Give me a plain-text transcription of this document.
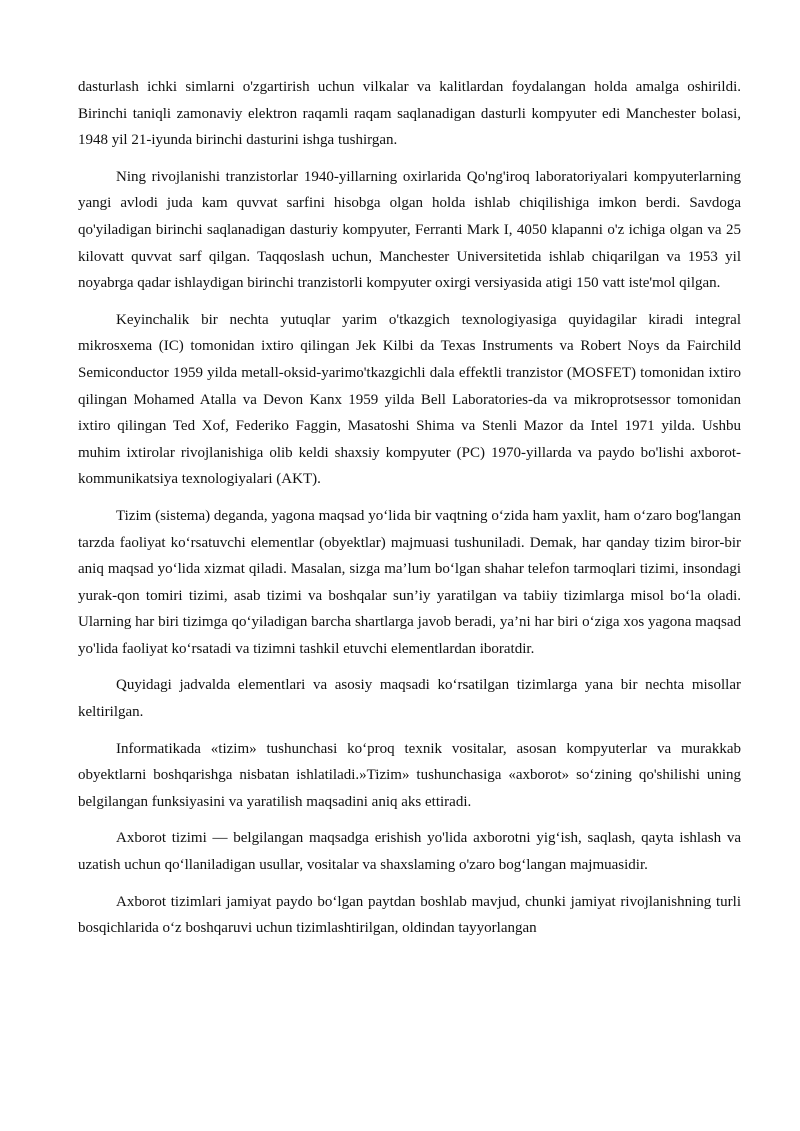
dasturlash ichki simlarni o'zgartirish uchun vilkalar va kalitlardan foydalangan holda amalga oshirildi. Birinchi taniqli zamonaviy elektron raqamli raqam saqlanadigan dasturli kompyuter edi Manchester bolasi, 1948 yil 21-iyunda birinchi dasturini ishga tushirgan.

Ning rivojlanishi tranzistorlar 1940-yillarning oxirlarida Qo'ng'iroq laboratoriyalari kompyuterlarning yangi avlodi juda kam quvvat sarfini hisobga olgan holda ishlab chiqilishiga imkon berdi. Savdoga qo'yiladigan birinchi saqlanadigan dasturiy kompyuter, Ferranti Mark I, 4050 klapanni o'z ichiga olgan va 25 kilovatt quvvat sarf qilgan. Taqqoslash uchun, Manchester Universitetida ishlab chiqarilgan va 1953 yil noyabrga qadar ishlaydigan birinchi tranzistorli kompyuter oxirgi versiyasida atigi 150 vatt iste'mol qilgan.

Keyinchalik bir nechta yutuqlar yarim o'tkazgich texnologiyasiga quyidagilar kiradi integral mikrosxema (IC) tomonidan ixtiro qilingan Jek Kilbi da Texas Instruments va Robert Noys da Fairchild Semiconductor 1959 yilda metall-oksid-yarimo'tkazgichli dala effektli tranzistor (MOSFET) tomonidan ixtiro qilingan Mohamed Atalla va Devon Kanx 1959 yilda Bell Laboratories-da va mikroprotsessor tomonidan ixtiro qilingan Ted Xof, Federiko Faggin, Masatoshi Shima va Stenli Mazor da Intel 1971 yilda. Ushbu muhim ixtirolar rivojlanishiga olib keldi shaxsiy kompyuter (PC) 1970-yillarda va paydo bo'lishi axborot-kommunikatsiya texnologiyalari (AKT).

Tizim (sistema) deganda, yagona maqsad yo‘lida bir vaqtning o‘zida ham yaxlit, ham o‘zaro bog'langan tarzda faoliyat ko‘rsatuvchi elementlar (obyektlar) majmuasi tushuniladi. Demak, har qanday tizim biror-bir aniq maqsad yo‘lida xizmat qiladi. Masalan, sizga ma’lum bo‘lgan shahar telefon tarmoqlari tizimi, insondagi yurak-qon tomiri tizimi, asab tizimi va boshqalar sun’iy yaratilgan va tabiiy tizimlarga misol bo‘la oladi. Ularning har biri tizimga qo‘yiladigan barcha shartlarga javob beradi, ya’ni har biri o‘ziga xos yagona maqsad yo'lida faoliyat ko‘rsatadi va tizimni tashkil etuvchi elementlardan iboratdir.

Quyidagi jadvalda elementlari va asosiy maqsadi ko‘rsatilgan tizimlarga yana bir nechta misollar keltirilgan.

Informatikada «tizim» tushunchasi ko‘proq texnik vositalar, asosan kompyuterlar va murakkab obyektlarni boshqarishga nisbatan ishlatiladi.»Tizim» tushunchasiga «axborot» so‘zining qo'shilishi uning belgilangan funksiyasini va yaratilish maqsadini aniq aks ettiradi.

Axborot tizimi — belgilangan maqsadga erishish yo'lida axborotni yig‘ish, saqlash, qayta ishlash va uzatish uchun qo‘llaniladigan usullar, vositalar va shaxslaming o'zaro bog‘langan majmuasidir.

Axborot tizimlari jamiyat paydo bo‘lgan paytdan boshlab mavjud, chunki jamiyat rivojlanishning turli bosqichlarida o‘z boshqaruvi uchun tizimlashtirilgan, oldindan tayyorlangan
